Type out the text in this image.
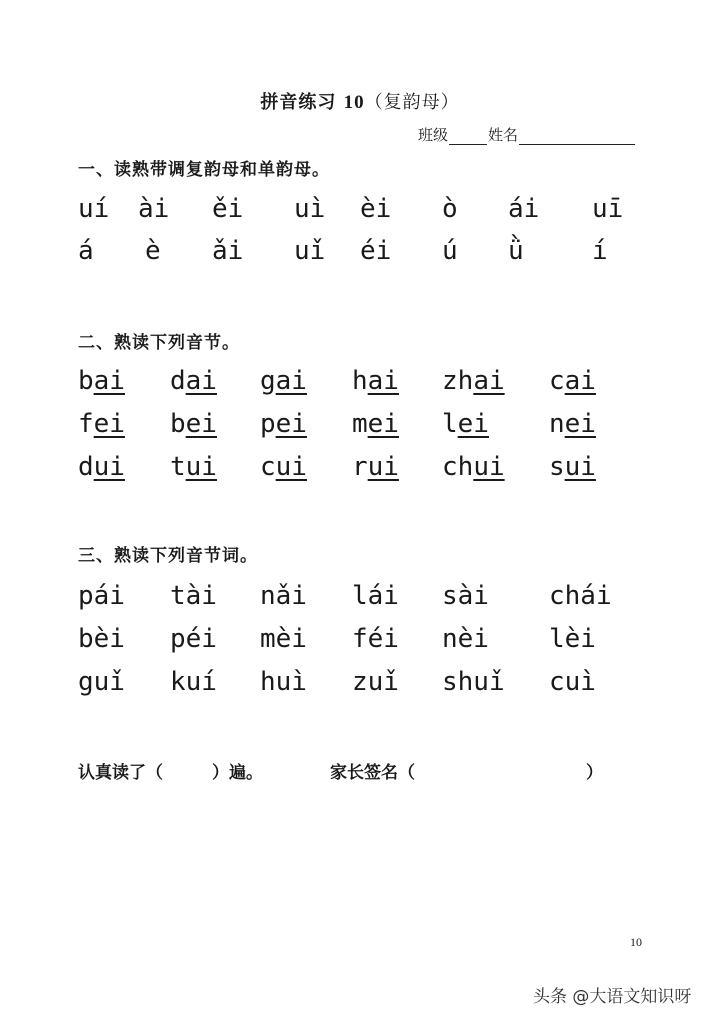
拼音练习 10（复韵母）
班级	姓名
一、读熟带调复韵母和单韵母。
uí ài ěi uì èi ò ái uī
á è ǎi uǐ éi ú ǜ	í
二、熟读下列音节。
bai dai gai hai zhai cai
fei bei pei mei lei nei
dui tui cui rui chui sui
三、熟读下列音节词。
pái tài nǎi lái sài chái
bèi péi mèi féi nèi lèi
guǐ kuí huì zuǐ shuǐ cuì
认真读了（	）遍。	家长签名（	）
10
头条 @大语文知识呀
